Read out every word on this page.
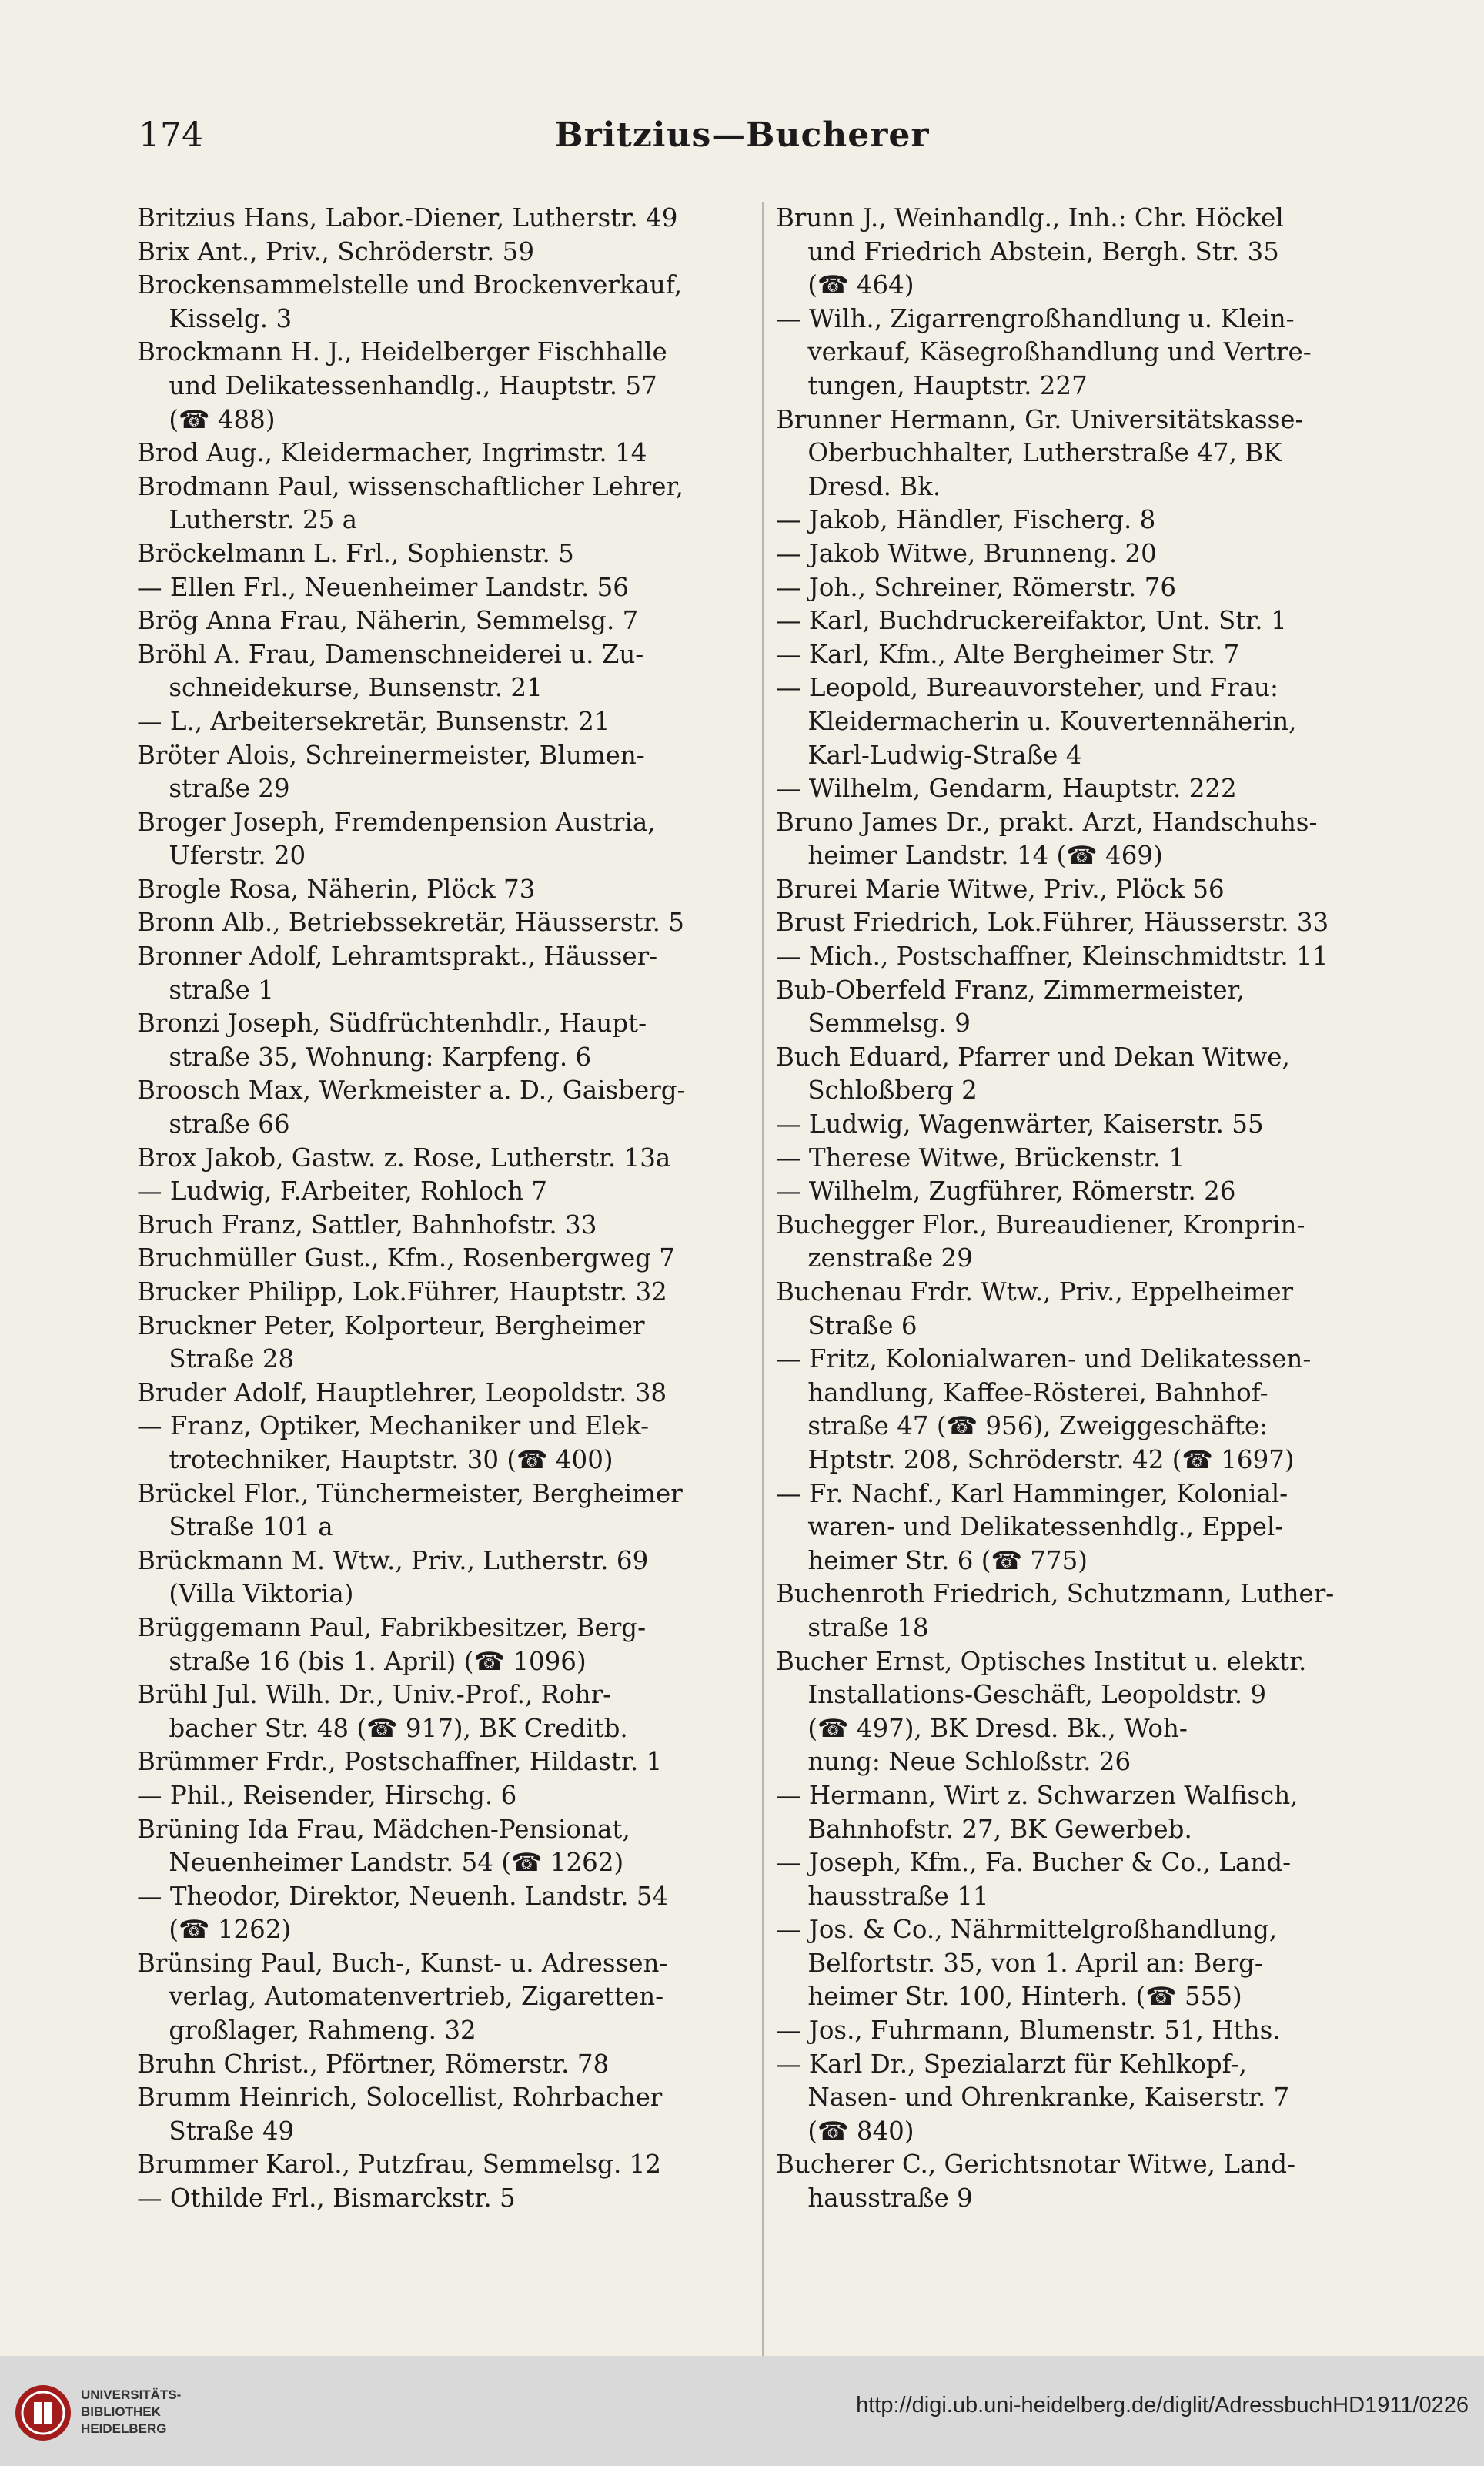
174	Britzius—Bucherer
Britzius Hans, Labor.-Diener, Lutherstr. 49
Brix Ant., Priv., Schröderstr. 59
Brockensammelstelle und Brockenverkauf,
Kisselg. 3
Brockmann H. J., Heidelberger Fischhalle
und Delikatessenhandlg., Hauptstr. 57
(☎ 488)
Brod Aug., Kleidermacher, Ingrimstr. 14
Brodmann Paul, wissenschaftlicher Lehrer,
Lutherstr. 25 a
Bröckelmann L. Frl., Sophienstr. 5
— Ellen Frl., Neuenheimer Landstr. 56
Brög Anna Frau, Näherin, Semmelsg. 7
Bröhl A. Frau, Damenschneiderei u. Zu-
schneidekurse, Bunsenstr. 21
— L., Arbeitersekretär, Bunsenstr. 21
Bröter Alois, Schreinermeister, Blumen-
straße 29
Broger Joseph, Fremdenpension Austria,
Uferstr. 20
Brogle Rosa, Näherin, Plöck 73
Bronn Alb., Betriebssekretär, Häusserstr. 5
Bronner Adolf, Lehramtsprakt., Häusser-
straße 1
Bronzi Joseph, Südfrüchtenhdlr., Haupt-
straße 35, Wohnung: Karpfeng. 6
Broosch Max, Werkmeister a. D., Gaisberg-
straße 66
Brox Jakob, Gastw. z. Rose, Lutherstr. 13a
— Ludwig, F.Arbeiter, Rohloch 7
Bruch Franz, Sattler, Bahnhofstr. 33
Bruchmüller Gust., Kfm., Rosenbergweg 7
Brucker Philipp, Lok.Führer, Hauptstr. 32
Bruckner Peter, Kolporteur, Bergheimer
Straße 28
Bruder Adolf, Hauptlehrer, Leopoldstr. 38
— Franz, Optiker, Mechaniker und Elek-
trotechniker, Hauptstr. 30 (☎ 400)
Brückel Flor., Tünchermeister, Bergheimer
Straße 101 a
Brückmann M. Wtw., Priv., Lutherstr. 69
(Villa Viktoria)
Brüggemann Paul, Fabrikbesitzer, Berg-
straße 16 (bis 1. April) (☎ 1096)
Brühl Jul. Wilh. Dr., Univ.-Prof., Rohr-
bacher Str. 48 (☎ 917), BK Creditb.
Brümmer Frdr., Postschaffner, Hildastr. 1
— Phil., Reisender, Hirschg. 6
Brüning Ida Frau, Mädchen-Pensionat,
Neuenheimer Landstr. 54 (☎ 1262)
— Theodor, Direktor, Neuenh. Landstr. 54
(☎ 1262)
Brünsing Paul, Buch-, Kunst- u. Adressen-
verlag, Automatenvertrieb, Zigaretten-
großlager, Rahmeng. 32
Bruhn Christ., Pförtner, Römerstr. 78
Brumm Heinrich, Solocellist, Rohrbacher
Straße 49
Brummer Karol., Putzfrau, Semmelsg. 12
— Othilde Frl., Bismarckstr. 5
Brunn J., Weinhandlg., Inh.: Chr. Höckel
und Friedrich Abstein, Bergh. Str. 35
(☎ 464)
— Wilh., Zigarrengroßhandlung u. Klein-
verkauf, Käsegroßhandlung und Vertre-
tungen, Hauptstr. 227
Brunner Hermann, Gr. Universitätskasse-
Oberbuchhalter, Lutherstraße 47, BK
Dresd. Bk.
— Jakob, Händler, Fischerg. 8
— Jakob Witwe, Brunneng. 20
— Joh., Schreiner, Römerstr. 76
— Karl, Buchdruckereifaktor, Unt. Str. 1
— Karl, Kfm., Alte Bergheimer Str. 7
— Leopold, Bureauvorsteher, und Frau:
Kleidermacherin u. Kouvertennäherin,
Karl-Ludwig-Straße 4
— Wilhelm, Gendarm, Hauptstr. 222
Bruno James Dr., prakt. Arzt, Handschuhs-
heimer Landstr. 14 (☎ 469)
Brurei Marie Witwe, Priv., Plöck 56
Brust Friedrich, Lok.Führer, Häusserstr. 33
— Mich., Postschaffner, Kleinschmidtstr. 11
Bub-Oberfeld Franz, Zimmermeister,
Semmelsg. 9
Buch Eduard, Pfarrer und Dekan Witwe,
Schloßberg 2
— Ludwig, Wagenwärter, Kaiserstr. 55
— Therese Witwe, Brückenstr. 1
— Wilhelm, Zugführer, Römerstr. 26
Buchegger Flor., Bureaudiener, Kronprin-
zenstraße 29
Buchenau Frdr. Wtw., Priv., Eppelheimer
Straße 6
— Fritz, Kolonialwaren- und Delikatessen-
handlung, Kaffee-Rösterei, Bahnhof-
straße 47 (☎ 956), Zweiggeschäfte:
Hptstr. 208, Schröderstr. 42 (☎ 1697)
— Fr. Nachf., Karl Hamminger, Kolonial-
waren- und Delikatessenhdlg., Eppel-
heimer Str. 6 (☎ 775)
Buchenroth Friedrich, Schutzmann, Luther-
straße 18
Bucher Ernst, Optisches Institut u. elektr.
Installations-Geschäft, Leopoldstr. 9
(☎ 497), BK Dresd. Bk., Woh-
nung: Neue Schloßstr. 26
— Hermann, Wirt z. Schwarzen Walfisch,
Bahnhofstr. 27, BK Gewerbeb.
— Joseph, Kfm., Fa. Bucher & Co., Land-
hausstraße 11
— Jos. & Co., Nährmittelgroßhandlung,
Belfortstr. 35, von 1. April an: Berg-
heimer Str. 100, Hinterh. (☎ 555)
— Jos., Fuhrmann, Blumenstr. 51, Hths.
— Karl Dr., Spezialarzt für Kehlkopf-,
Nasen- und Ohrenkranke, Kaiserstr. 7
(☎ 840)
Bucherer C., Gerichtsnotar Witwe, Land-
hausstraße 9
UNIVERSITÄTS-
BIBLIOTHEK
HEIDELBERG
http://digi.ub.uni-heidelberg.de/diglit/AdressbuchHD1911/0226
